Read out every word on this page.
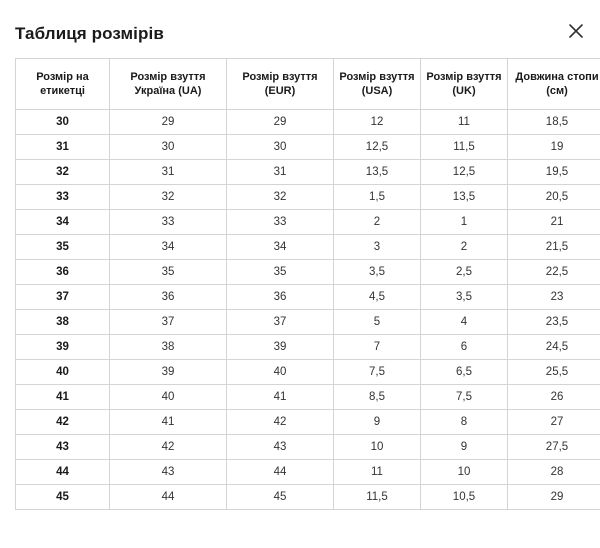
Таблиця розмірів
Розмір на етикетці	Розмір взуття Україна (UA)	Розмір взуття (EUR)	Розмір взуття (USA)	Розмір взуття (UK)	Довжина стопи (см)
30	29	29	12	11	18,5
31	30	30	12,5	11,5	19
32	31	31	13,5	12,5	19,5
33	32	32	1,5	13,5	20,5
34	33	33	2	1	21
35	34	34	3	2	21,5
36	35	35	3,5	2,5	22,5
37	36	36	4,5	3,5	23
38	37	37	5	4	23,5
39	38	39	7	6	24,5
40	39	40	7,5	6,5	25,5
41	40	41	8,5	7,5	26
42	41	42	9	8	27
43	42	43	10	9	27,5
44	43	44	11	10	28
45	44	45	11,5	10,5	29
